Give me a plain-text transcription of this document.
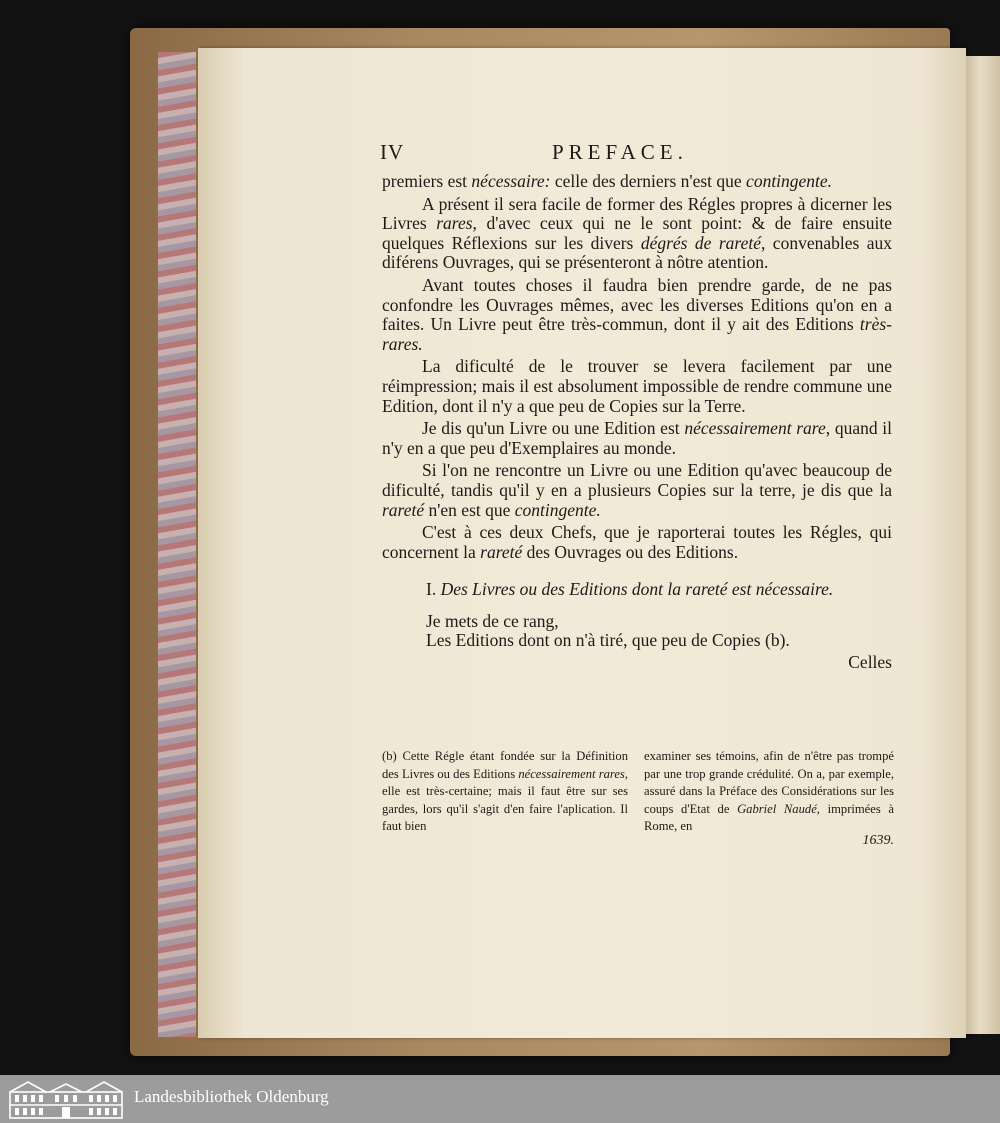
IV	PREFACE.

premiers est nécessaire: celle des derniers n'est que contingente.

A présent il sera facile de former des Régles propres à dicerner les Livres rares, d'avec ceux qui ne le sont point: & de faire ensuite quelques Réflexions sur les divers dégrés de rareté, convenables aux diférens Ouvrages, qui se présenteront à nôtre atention.

Avant toutes choses il faudra bien prendre garde, de ne pas confondre les Ouvrages mêmes, avec les diverses Editions qu'on en a faites. Un Livre peut être très-commun, dont il y ait des Editions très-rares.

La dificulté de le trouver se levera facilement par une réimpression; mais il est absolument impossible de rendre commune une Edition, dont il n'y a que peu de Copies sur la Terre.

Je dis qu'un Livre ou une Edition est nécessairement rare, quand il n'y en a que peu d'Exemplaires au monde.

Si l'on ne rencontre un Livre ou une Edition qu'avec beaucoup de dificulté, tandis qu'il y en a plusieurs Copies sur la terre, je dis que la rareté n'en est que contingente.

C'est à ces deux Chefs, que je raporterai toutes les Régles, qui concernent la rareté des Ouvrages ou des Editions.

I. Des Livres ou des Editions dont la rareté est nécessaire.

Je mets de ce rang,

Les Editions dont on n'à tiré, que peu de Copies (b).

Celles

(b) Cette Régle étant fondée sur la Définition des Livres ou des Editions nécessairement rares, elle est très-certaine; mais il faut être sur ses gardes, lors qu'il s'agit d'en faire l'aplication. Il faut bien

examiner ses témoins, afin de n'être pas trompé par une trop grande crédulité. On a, par exemple, assuré dans la Préface des Considérations sur les coups d'Etat de Gabriel Naudé, imprimées à Rome, en

1639.
Landesbibliothek Oldenburg
